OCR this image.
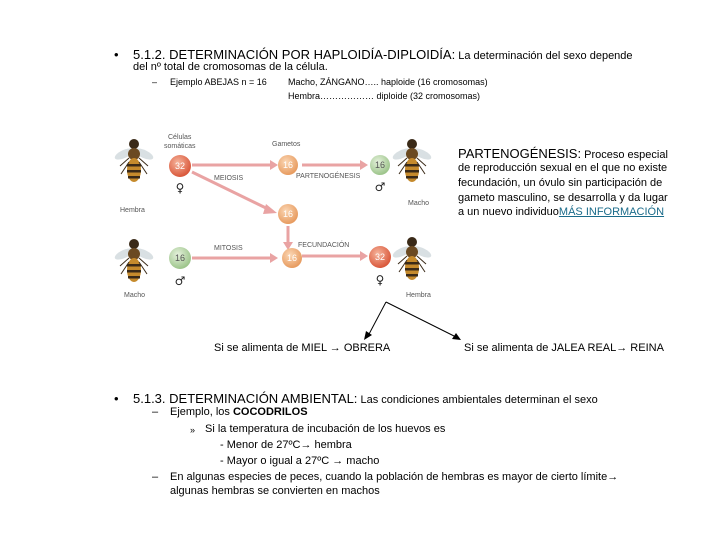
• 5.1.2. DETERMINACIÓN POR HAPLOIDÍA-DIPLOIDÍA: La determinación del sexo depende
del nº total de cromosomas de la célula.
– Ejemplo ABEJAS n = 16 Macho, ZÁNGANO….. haploide (16 cromosomas)
Hembra……………… diploide (32 cromosomas)
32	16	16
16
16	16	32
Células
somáticas	Gametos
MEIOSIS	PARTENOGÉNESIS
MITOSIS	FECUNDACIÓN
Hembra
Macho
Macho
Hembra
♀
♂
♂
♀
PARTENOGÉNESIS: Proceso especial
de reproducción sexual en el que no existe
fecundación, un óvulo sin participación de
gameto masculino, se desarrolla y da lugar
a un nuevo individuoMÁS INFORMACIÓN
Si se alimenta de MIEL → OBRERA	Si se alimenta de JALEA REAL→ REINA
• 5.1.3. DETERMINACIÓN AMBIENTAL: Las condiciones ambientales determinan el sexo
– Ejemplo, los COCODRILOS
» Si la temperatura de incubación de los huevos es
- Menor de 27ºC→ hembra
- Mayor o igual a 27ºC → macho
– En algunas especies de peces, cuando la población de hembras es mayor de cierto límite→
algunas hembras se convierten en machos
